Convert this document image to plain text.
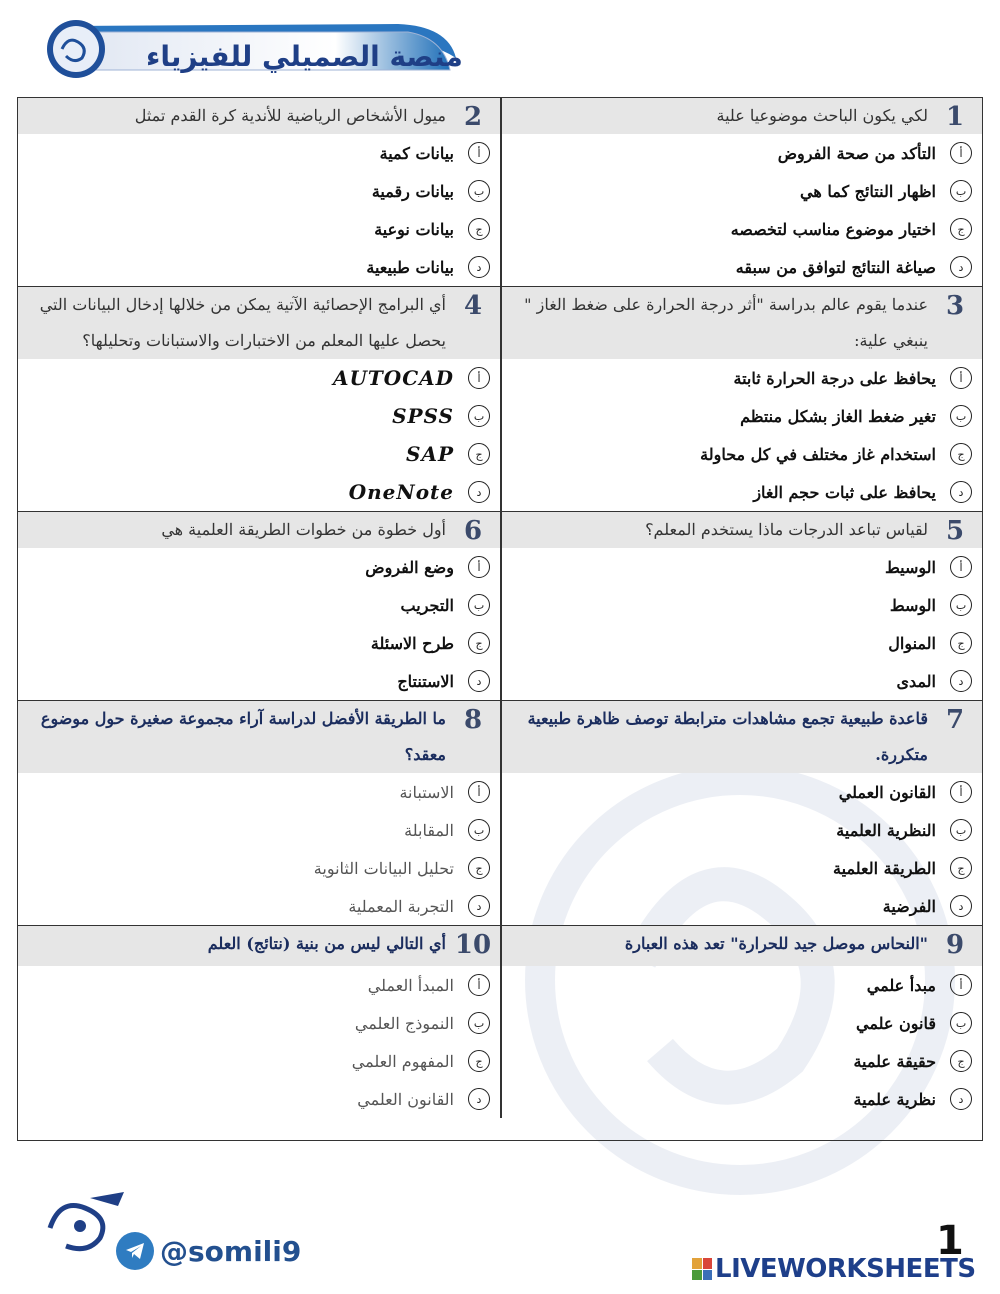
منصة الصميلي للفيزياء
1
لكي يكون الباحث موضوعيا علية
أ
التأكد من صحة الفروض
ب
اظهار النتائج كما هي
ج
اختيار موضوع مناسب لتخصصه
د
صياغة النتائج لتوافق من سبقه
2
ميول الأشخاص الرياضية للأندية كرة القدم تمثل
أ
بيانات كمية
ب
بيانات رقمية
ج
بيانات نوعية
د
بيانات طبيعية
3
عندما يقوم عالم بدراسة "أثر درجة الحرارة على ضغط الغاز " ينبغي علية:
أ
يحافظ على درجة الحرارة ثابتة
ب
تغير ضغط الغاز بشكل منتظم
ج
استخدام غاز مختلف في كل محاولة
د
يحافظ على ثبات حجم الغاز
4
أي البرامج الإحصائية الآتية يمكن من خلالها إدخال البيانات التي يحصل عليها المعلم من الاختبارات والاستبانات وتحليلها؟
أ
AUTOCAD
ب
SPSS
ج
SAP
د
OneNote
5
لقياس تباعد الدرجات ماذا يستخدم المعلم؟
أ
الوسيط
ب
الوسط
ج
المنوال
د
المدى
6
أول خطوة من خطوات الطريقة العلمية هي
أ
وضع الفروض
ب
التجريب
ج
طرح الاسئلة
د
الاستنتاج
7
قاعدة طبيعية تجمع مشاهدات مترابطة توصف ظاهرة طبيعية متكررة.
أ
القانون العملي
ب
النظرية العلمية
ج
الطريقة العلمية
د
الفرضية
8
ما الطريقة الأفضل لدراسة آراء مجموعة صغيرة حول موضوع معقد؟
أ
الاستبانة
ب
المقابلة
ج
تحليل البيانات الثانوية
د
التجربة المعملية
9
"النحاس موصل جيد للحرارة" تعد هذه العبارة
أ
مبدأ علمي
ب
قانون علمي
ج
حقيقة علمية
د
نظرية علمية
10
أي التالي ليس من بنية (نتائج) العلم
أ
المبدأ العملي
ب
النموذج العلمي
ج
المفهوم العلمي
د
القانون العلمي
@somili9	1
LIVEWORKSHEETS
